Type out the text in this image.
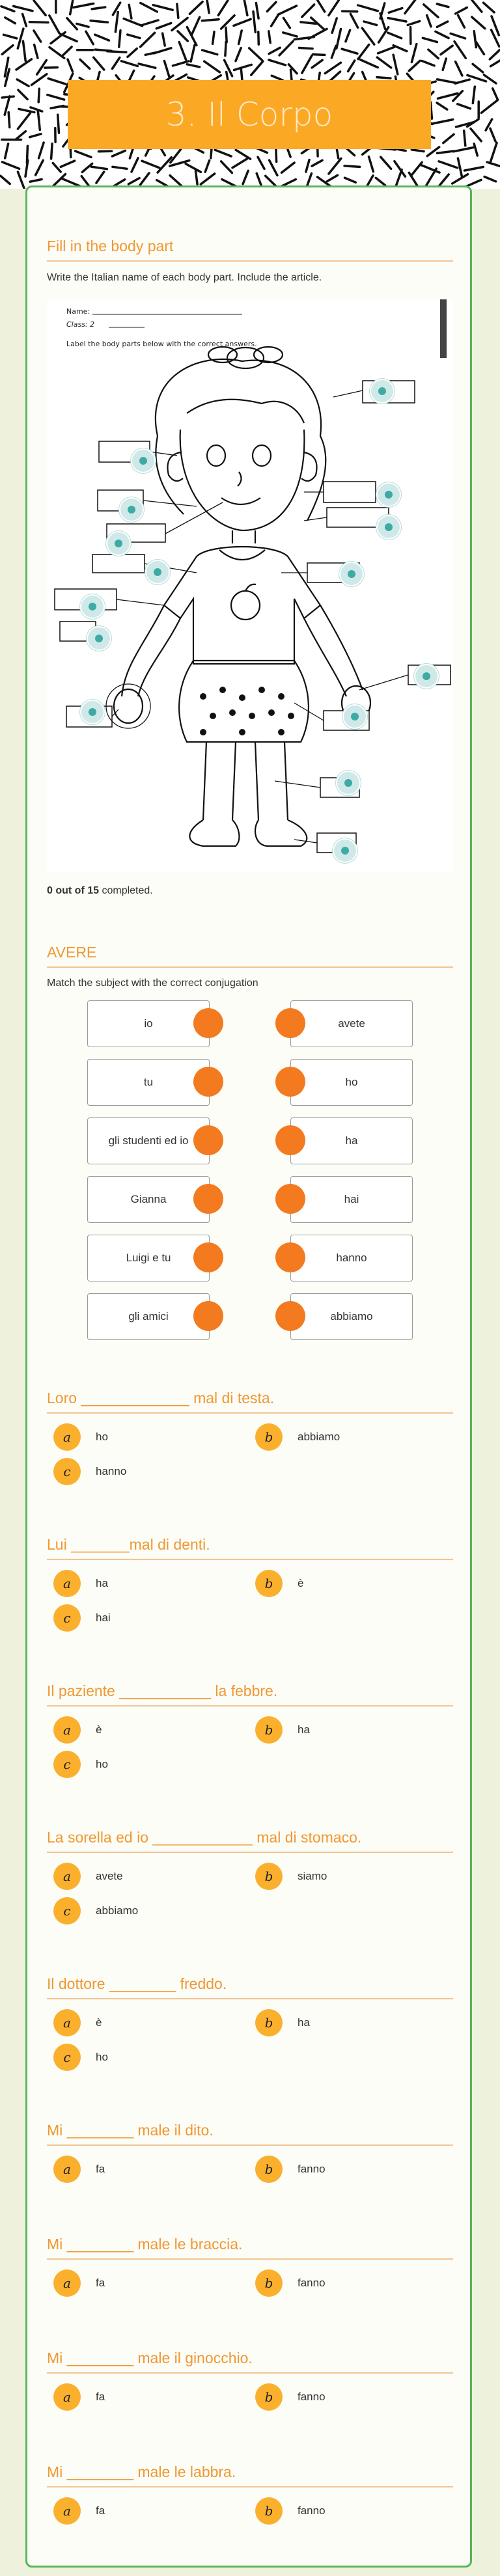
3. Il Corpo
Fill in the body part
Write the Italian name of each body part. Include the article.
Name:
Class: 2
Label the body parts below with the correct answers.
0 out of 15 completed.
AVERE
Match the subject with the correct conjugation
io	avete
tu	ho
gli studenti ed io	ha
Gianna	hai
Luigi e tu	hanno
gli amici	abbiamo
Loro _____________ mal di testa.
a ho	b abbiamo
c hanno
Lui _______mal di denti.
a ha	b è
c hai
Il paziente ___________ la febbre.
a è	b ha
c ho
La sorella ed io ____________ mal di stomaco.
a avete	b siamo
c abbiamo
Il dottore ________ freddo.
a è	b ha
c ho
Mi ________ male il dito.
a fa	b fanno
Mi ________ male le braccia.
a fa	b fanno
Mi ________ male il ginocchio.
a fa	b fanno
Mi ________ male le labbra.
a fa	b fanno
